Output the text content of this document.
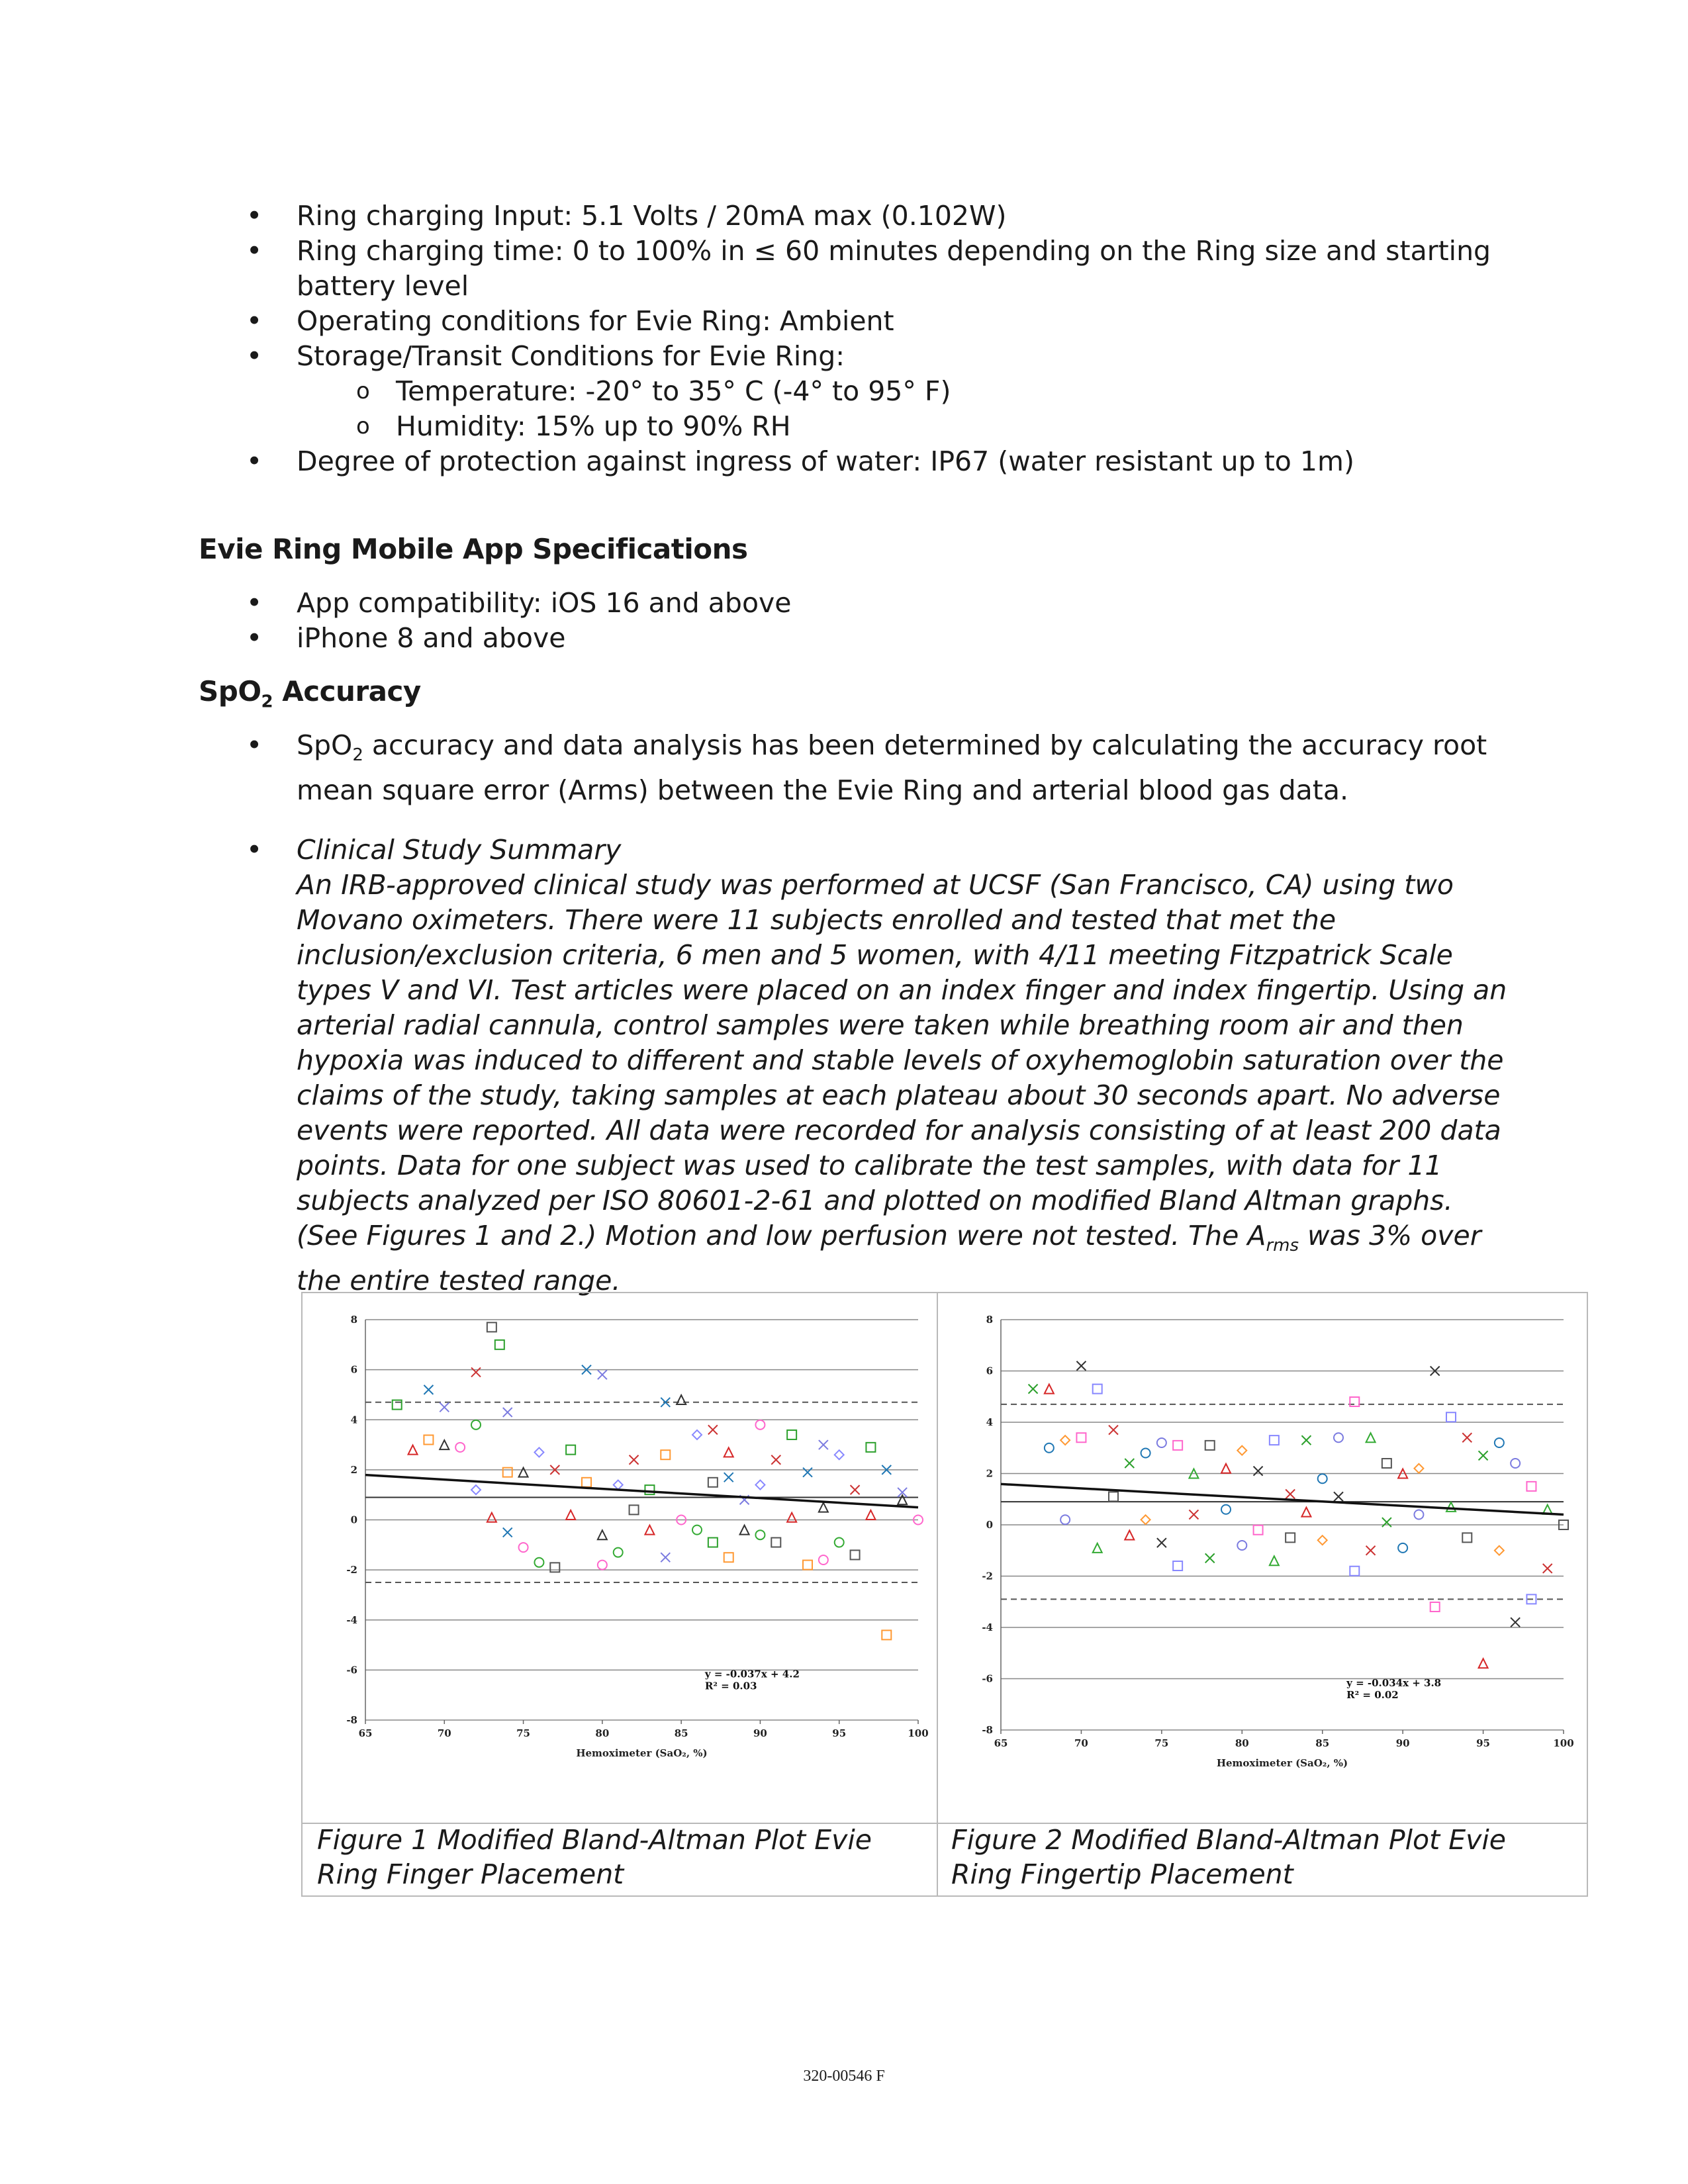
• Ring charging Input: 5.1 Volts / 20mA max (0.102W)
• Ring charging time: 0 to 100% in ≤ 60 minutes depending on the Ring size and starting battery level
• Operating conditions for Evie Ring: Ambient
• Storage/Transit Conditions for Evie Ring:
o Temperature: -20° to 35° C (-4° to 95° F)
o Humidity: 15% up to 90% RH
• Degree of protection against ingress of water: IP67 (water resistant up to 1m)
Evie Ring Mobile App Specifications
• App compatibility: iOS 16 and above
• iPhone 8 and above
SpO$_2$ Accuracy
• SpO$_2$ accuracy and data analysis has been determined by calculating the accuracy root mean square error (Arms) between the Evie Ring and arterial blood gas data.
• Clinical Study Summary
An IRB-approved clinical study was performed at UCSF (San Francisco, CA) using two Movano oximeters. There were 11 subjects enrolled and tested that met the inclusion/exclusion criteria, 6 men and 5 women, with 4/11 meeting Fitzpatrick Scale types V and VI. Test articles were placed on an index finger and index fingertip. Using an arterial radial cannula, control samples were taken while breathing room air and then hypoxia was induced to different and stable levels of oxyhemoglobin saturation over the claims of the study, taking samples at each plateau about 30 seconds apart. No adverse events were reported. All data were recorded for analysis consisting of at least 200 data points. Data for one subject was used to calibrate the test samples, with data for 11 subjects analyzed per ISO 80601-2-61 and plotted on modified Bland Altman graphs. (See Figures 1 and 2.) Motion and low perfusion were not tested. The $A_{rms}$ was 3% over the entire tested range.
8
6
4
2
0
-2
-4
-6
-8
65	70	75	80	85	90	95	100
Hemoximeter (SaO₂, %)
y = -0.037x + 4.2
R² = 0.03
8
6
4
2
0
-2
-4
-6
-8
65	70	75	80	85	90	95	100
Hemoximeter (SaO₂, %)
y = -0.034x + 3.8
R² = 0.02
Figure 1 Modified Bland-Altman Plot Evie Ring Finger Placement
Figure 2 Modified Bland-Altman Plot Evie Ring Fingertip Placement
320-00546 F
